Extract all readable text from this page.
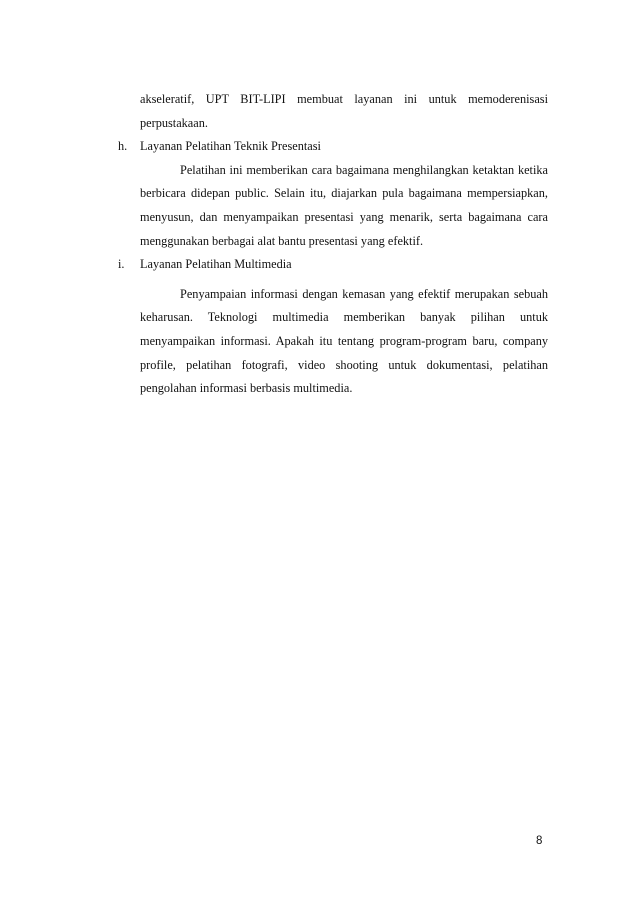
akseleratif, UPT BIT-LIPI membuat layanan ini untuk memoderenisasi perpustakaan.

h.	Layanan Pelatihan Teknik Presentasi

Pelatihan ini memberikan cara bagaimana menghilangkan ketaktan ketika berbicara didepan public. Selain itu, diajarkan pula bagaimana mempersiapkan, menyusun, dan menyampaikan presentasi yang menarik, serta bagaimana cara menggunakan berbagai alat bantu presentasi yang efektif.

i.	Layanan Pelatihan Multimedia

Penyampaian informasi dengan kemasan yang efektif merupakan sebuah keharusan. Teknologi multimedia memberikan banyak pilihan untuk menyampaikan informasi. Apakah itu tentang program-program baru, company profile, pelatihan fotografi, video shooting untuk dokumentasi, pelatihan pengolahan informasi berbasis multimedia.

8
